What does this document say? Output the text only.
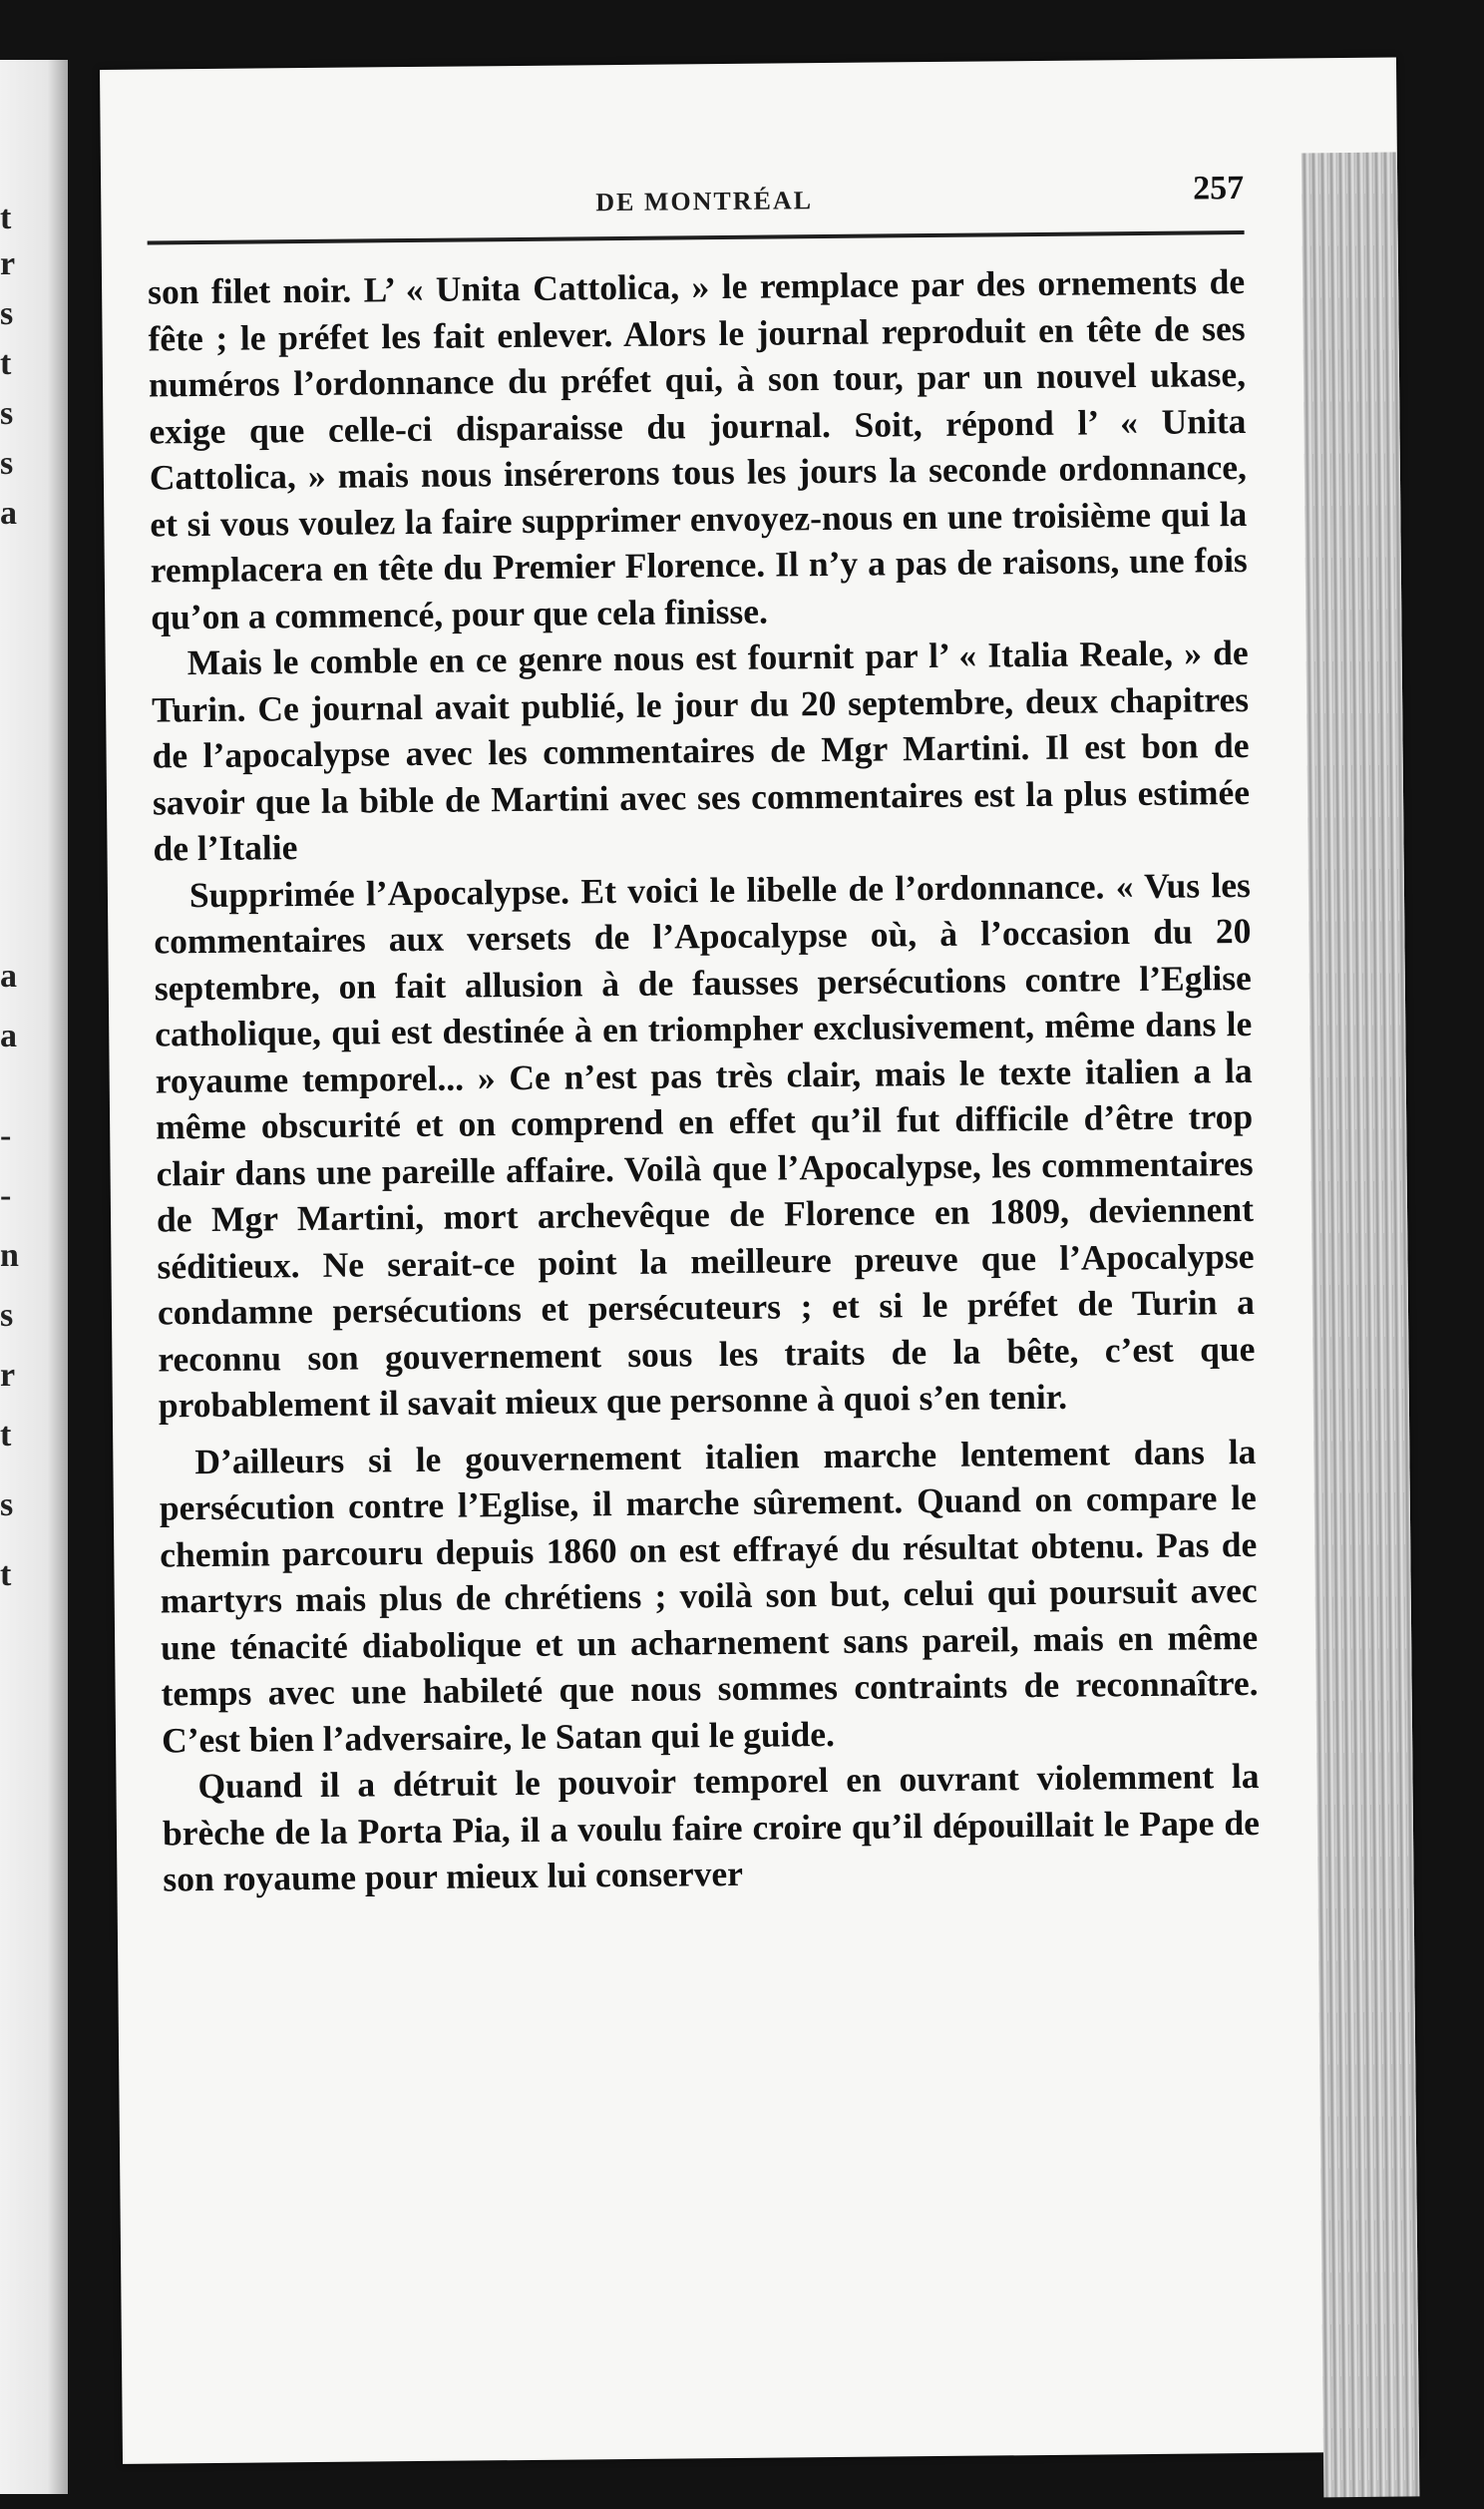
t
r
s
t
s
s
a
a
a
-
-
n
s
r
t
s
t
DE MONTRÉAL	257

son filet noir. L’ « Unita Cattolica, » le remplace par des ornements de fête ; le préfet les fait enlever. Alors le journal reproduit en tête de ses numéros l’ordonnance du préfet qui, à son tour, par un nouvel ukase, exige que celle-ci disparaisse du journal. Soit, répond l’ « Unita Cattolica, » mais nous insérerons tous les jours la seconde ordonnance, et si vous voulez la faire supprimer envoyez-nous en une troisième qui la remplacera en tête du Premier Florence. Il n’y a pas de raisons, une fois qu’on a commencé, pour que cela finisse.

Mais le comble en ce genre nous est fournit par l’ « Italia Reale, » de Turin. Ce journal avait publié, le jour du 20 septembre, deux chapitres de l’apocalypse avec les commentaires de Mgr Martini. Il est bon de savoir que la bible de Martini avec ses commentaires est la plus estimée de l’Italie

Supprimée l’Apocalypse. Et voici le libelle de l’ordonnance. « Vus les commentaires aux versets de l’Apocalypse où, à l’occasion du 20 septembre, on fait allusion à de fausses persécutions contre l’Eglise catholique, qui est destinée à en triompher exclusivement, même dans le royaume temporel... » Ce n’est pas très clair, mais le texte italien a la même obscurité et on comprend en effet qu’il fut difficile d’être trop clair dans une pareille affaire. Voilà que l’Apocalypse, les commentaires de Mgr Martini, mort archevêque de Florence en 1809, deviennent séditieux. Ne serait-ce point la meilleure preuve que l’Apocalypse condamne persécutions et persécuteurs ; et si le préfet de Turin a reconnu son gouvernement sous les traits de la bête, c’est que probablement il savait mieux que personne à quoi s’en tenir.

D’ailleurs si le gouvernement italien marche lentement dans la persécution contre l’Eglise, il marche sûrement. Quand on compare le chemin parcouru depuis 1860 on est effrayé du résultat obtenu. Pas de martyrs mais plus de chrétiens ; voilà son but, celui qui poursuit avec une ténacité diabolique et un acharnement sans pareil, mais en même temps avec une habileté que nous sommes contraints de reconnaître. C’est bien l’adversaire, le Satan qui le guide.

Quand il a détruit le pouvoir temporel en ouvrant violemment la brèche de la Porta Pia, il a voulu faire croire qu’il dépouillait le Pape de son royaume pour mieux lui conserver
